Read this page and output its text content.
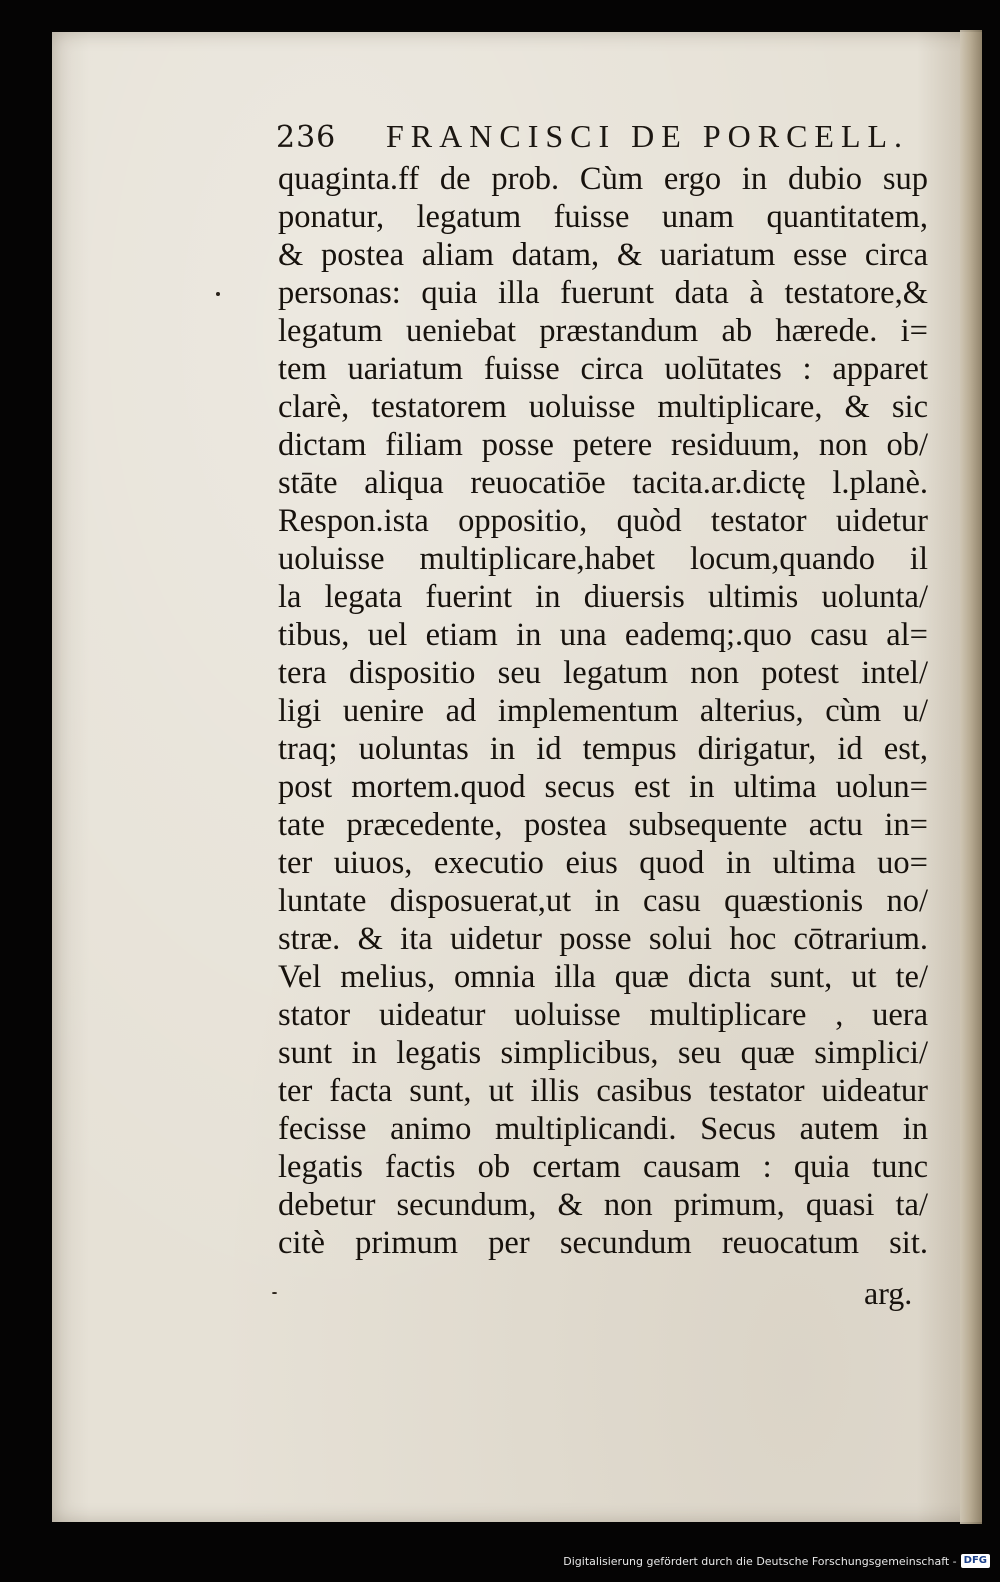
236 FRANCISCI DE PORCELL.
quaginta.ff de prob. Cùm ergo in dubio sup
ponatur, legatum fuisse unam quantitatem,
& postea aliam datam, & uariatum esse circa
personas: quia illa fuerunt data à testatore,&
legatum ueniebat præstandum ab hærede. i=
tem uariatum fuisse circa uolūtates : apparet
clarè, testatorem uoluisse multiplicare, & sic
dictam filiam posse petere residuum, non ob/
stāte aliqua reuocatiōe tacita.ar.dictę l.planè.
Respon.ista oppositio, quòd testator uidetur
uoluisse multiplicare,habet locum,quando il
la legata fuerint in diuersis ultimis uolunta/
tibus, uel etiam in una eademq;.quo casu al=
tera dispositio seu legatum non potest intel/
ligi uenire ad implementum alterius, cùm u/
traq; uoluntas in id tempus dirigatur, id est,
post mortem.quod secus est in ultima uolun=
tate præcedente, postea subsequente actu in=
ter uiuos, executio eius quod in ultima uo=
luntate disposuerat,ut in casu quæstionis no/
stræ. & ita uidetur posse solui hoc cōtrarium.
Vel melius, omnia illa quæ dicta sunt, ut te/
stator uideatur uoluisse multiplicare , uera
sunt in legatis simplicibus, seu quæ simplici/
ter facta sunt, ut illis casibus testator uideatur
fecisse animo multiplicandi. Secus autem in
legatis factis ob certam causam : quia tunc
debetur secundum, & non primum, quasi ta/
citè primum per secundum reuocatum sit.
arg.
Digitalisierung gefördert durch die Deutsche Forschungsgemeinschaft - DFG
